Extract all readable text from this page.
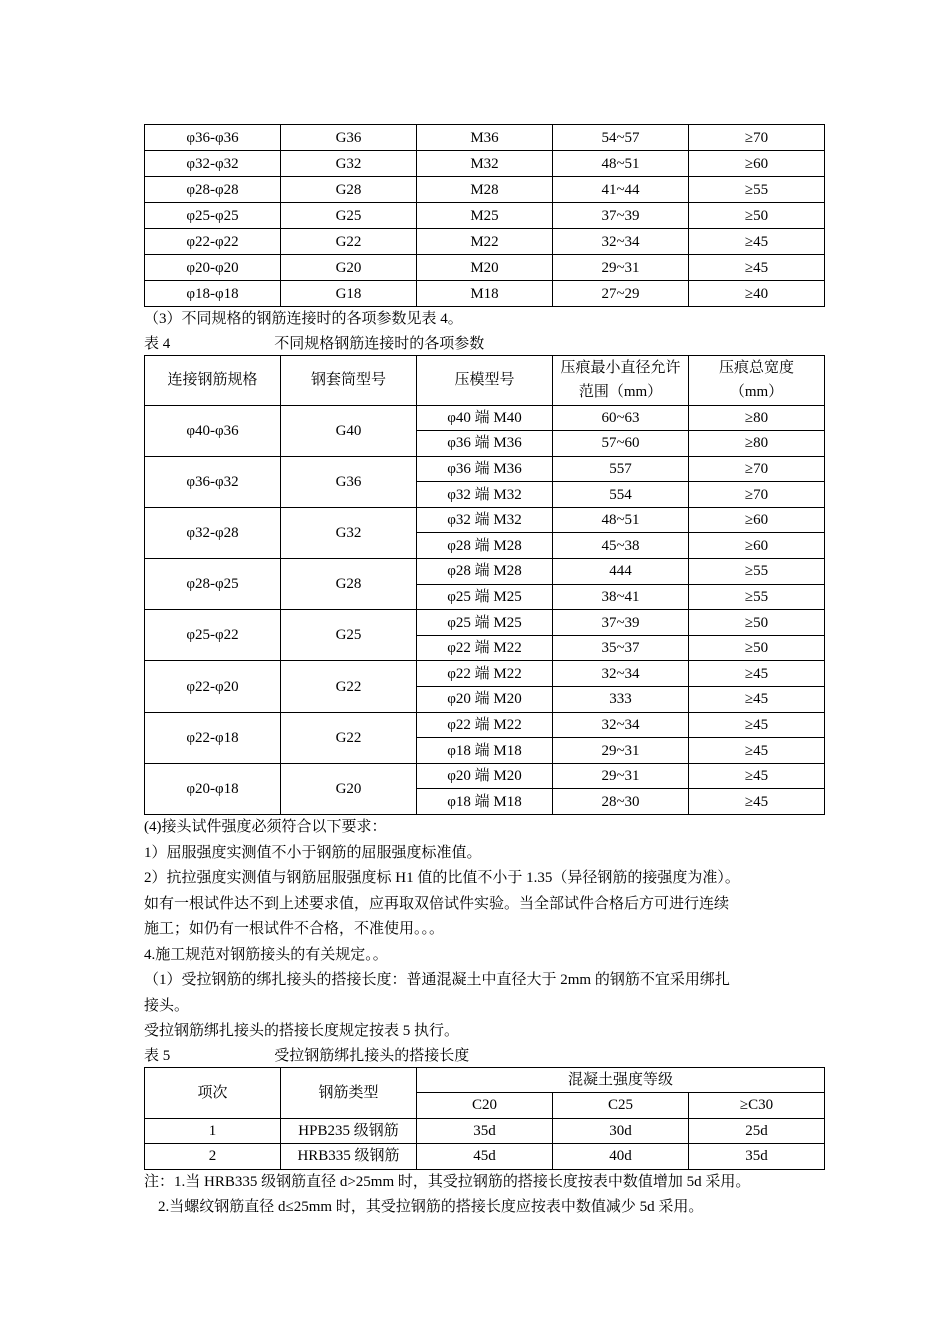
φ36-φ36	G36	M36	54~57	≥70
φ32-φ32	G32	M32	48~51	≥60
φ28-φ28	G28	M28	41~44	≥55
φ25-φ25	G25	M25	37~39	≥50
φ22-φ22	G22	M22	32~34	≥45
φ20-φ20	G20	M20	29~31	≥45
φ18-φ18	G18	M18	27~29	≥40
（3）不同规格的钢筋连接时的各项参数见表 4。
表 4	不同规格钢筋连接时的各项参数
连接钢筋规格	钢套筒型号	压模型号	压痕最小直径允许范围（mm）	压痕总宽度（mm）
φ40-φ36	G40	φ40 端 M40	60~63	≥80
		φ36 端 M36	57~60	≥80
φ36-φ32	G36	φ36 端 M36	557	≥70
		φ32 端 M32	554	≥70
φ32-φ28	G32	φ32 端 M32	48~51	≥60
		φ28 端 M28	45~38	≥60
φ28-φ25	G28	φ28 端 M28	444	≥55
		φ25 端 M25	38~41	≥55
φ25-φ22	G25	φ25 端 M25	37~39	≥50
		φ22 端 M22	35~37	≥50
φ22-φ20	G22	φ22 端 M22	32~34	≥45
		φ20 端 M20	333	≥45
φ22-φ18	G22	φ22 端 M22	32~34	≥45
		φ18 端 M18	29~31	≥45
φ20-φ18	G20	φ20 端 M20	29~31	≥45
		φ18 端 M18	28~30	≥45
(4)接头试件强度必须符合以下要求：
1）屈服强度实测值不小于钢筋的屈服强度标准值。
2）抗拉强度实测值与钢筋屈服强度标 H1 值的比值不小于 1.35（异径钢筋的接强度为准）。
如有一根试件达不到上述要求值，应再取双倍试件实验。当全部试件合格后方可进行连续
施工；如仍有一根试件不合格，不准使用。。。
4.施工规范对钢筋接头的有关规定。。
（1）受拉钢筋的绑扎接头的搭接长度：普通混凝土中直径大于 2mm 的钢筋不宜采用绑扎
接头。
受拉钢筋绑扎接头的搭接长度规定按表 5 执行。
表 5	受拉钢筋绑扎接头的搭接长度
项次	钢筋类型	混凝土强度等级		
		C20	C25	≥C30
1	HPB235 级钢筋	35d	30d	25d
2	HRB335 级钢筋	45d	40d	35d
注：1.当 HRB335 级钢筋直径 d>25mm 时，其受拉钢筋的搭接长度按表中数值增加 5d 采用。
2.当螺纹钢筋直径 d≤25mm 时，其受拉钢筋的搭接长度应按表中数值减少 5d 采用。
